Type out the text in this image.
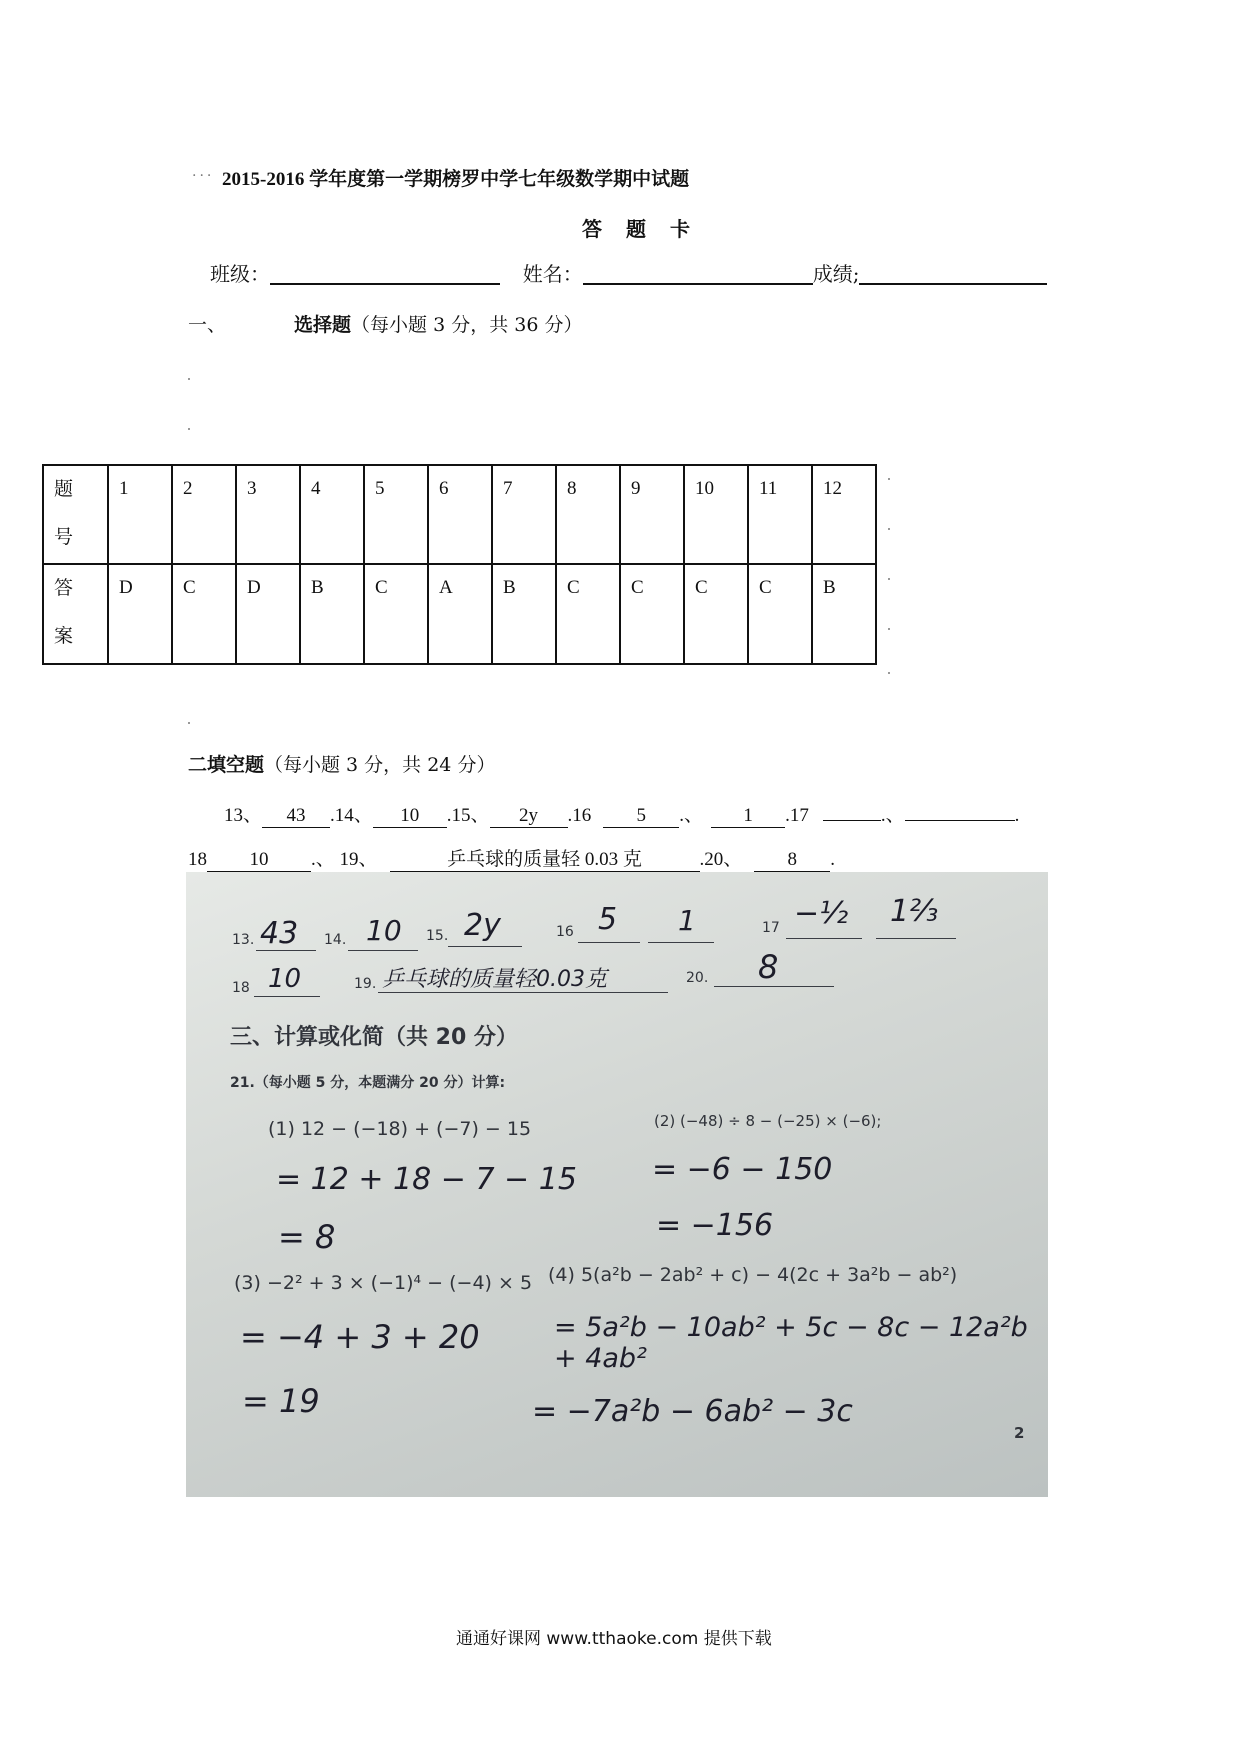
... 2015-2016 学年度第一学期榜罗中学七年级数学期中试题
答题卡
班级：	姓名：	成绩;
一、	选择题（每小题 3 分，共 36 分）
题
号	1	2	3	4	5	6	7	8	9	10	11	12
答
案	D	C	D	B	C	A	B	C	C	C	C	B
二填空题（每小题 3 分，共 24 分）
13、 43 .14、 10 .15、 2y .16 5 .、 1 .17	.、	.
18 10 .、 19、	乒乓球的质量轻 0.03 克	.20、 8 .
13. 43 14. 10 15. 2y	16 5 1	17 −½ 1⅔
18 10	19. 乒乓球的质量轻0.03克	20. 8
三、计算或化简（共 20 分）
21.（每小题 5 分，本题满分 20 分）计算:
(1) 12 − (−18) + (−7) − 15
= 12 + 18 − 7 − 15
= 8
(2) (−48) ÷ 8 − (−25) × (−6);
= −6 − 150
= −156
(3) −2² + 3 × (−1)⁴ − (−4) × 5
= −4 + 3 + 20
= 19
(4) 5(a²b − 2ab² + c) − 4(2c + 3a²b − ab²)
= 5a²b − 10ab² + 5c − 8c − 12a²b + 4ab²
= −7a²b − 6ab² − 3c
2
通通好课网 www.tthaoke.com 提供下载
